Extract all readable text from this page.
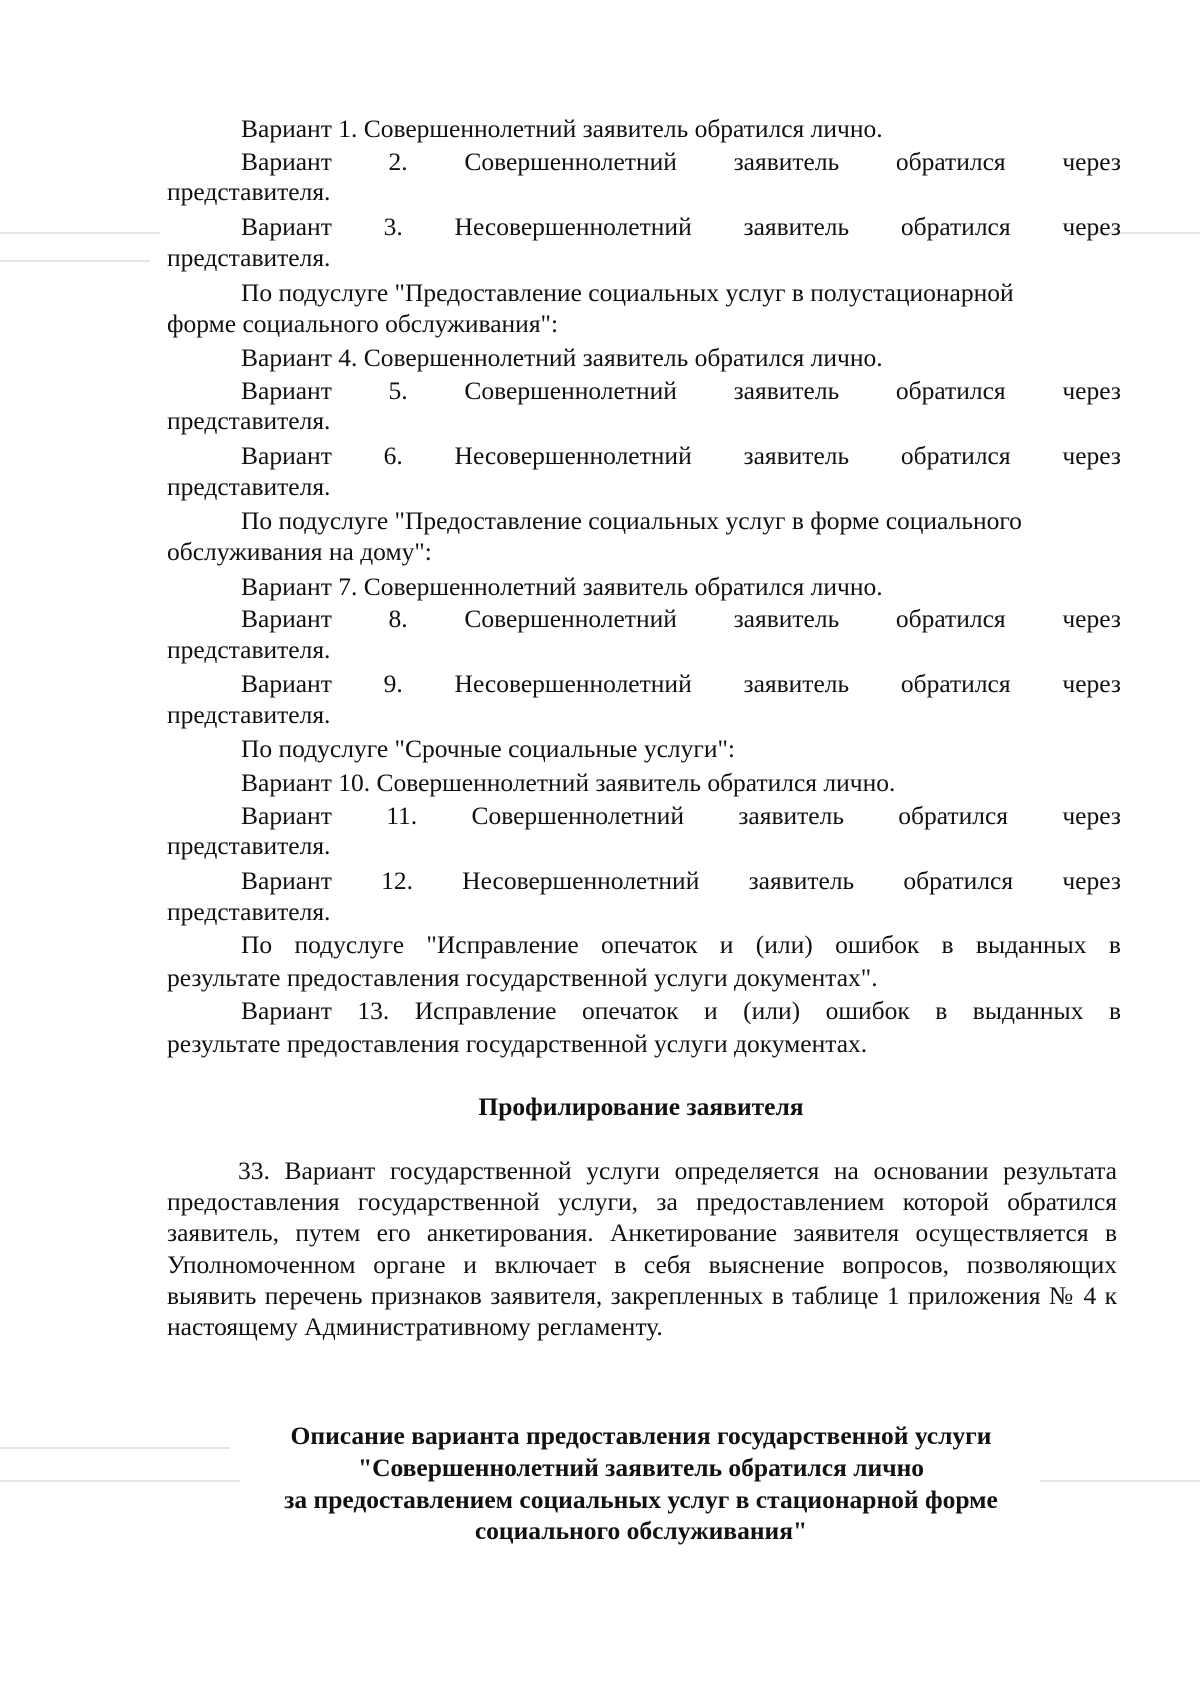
Вариант 1. Совершеннолетний заявитель обратился лично.

Вариант 2. Совершеннолетний заявитель обратился через

представителя.

Вариант 3. Несовершеннолетний заявитель обратился через

представителя.

По подуслуге "Предоставление социальных услуг в полустационарной

форме социального обслуживания":

Вариант 4. Совершеннолетний заявитель обратился лично.

Вариант 5. Совершеннолетний заявитель обратился через

представителя.

Вариант 6. Несовершеннолетний заявитель обратился через

представителя.

По подуслуге "Предоставление социальных услуг в форме социального

обслуживания на дому":

Вариант 7. Совершеннолетний заявитель обратился лично.

Вариант 8. Совершеннолетний заявитель обратился через

представителя.

Вариант 9. Несовершеннолетний заявитель обратился через

представителя.

По подуслуге "Срочные социальные услуги":

Вариант 10. Совершеннолетний заявитель обратился лично.

Вариант 11. Совершеннолетний заявитель обратился через

представителя.

Вариант 12. Несовершеннолетний заявитель обратился через

представителя.

По подуслуге "Исправление опечаток и (или) ошибок в выданных в

результате предоставления государственной услуги документах".

Вариант 13. Исправление опечаток и (или) ошибок в выданных в

результате предоставления государственной услуги документах.

Профилирование заявителя

33. Вариант государственной услуги определяется на основании результата предоставления государственной услуги, за предоставлением которой обратился заявитель, путем его анкетирования. Анкетирование заявителя осуществляется в Уполномоченном органе и включает в себя выяснение вопросов, позволяющих выявить перечень признаков заявителя, закрепленных в таблице 1 приложения № 4 к настоящему Административному регламенту.

Описание варианта предоставления государственной услуги

"Совершеннолетний заявитель обратился лично

за предоставлением социальных услуг в стационарной форме

социального обслуживания"
